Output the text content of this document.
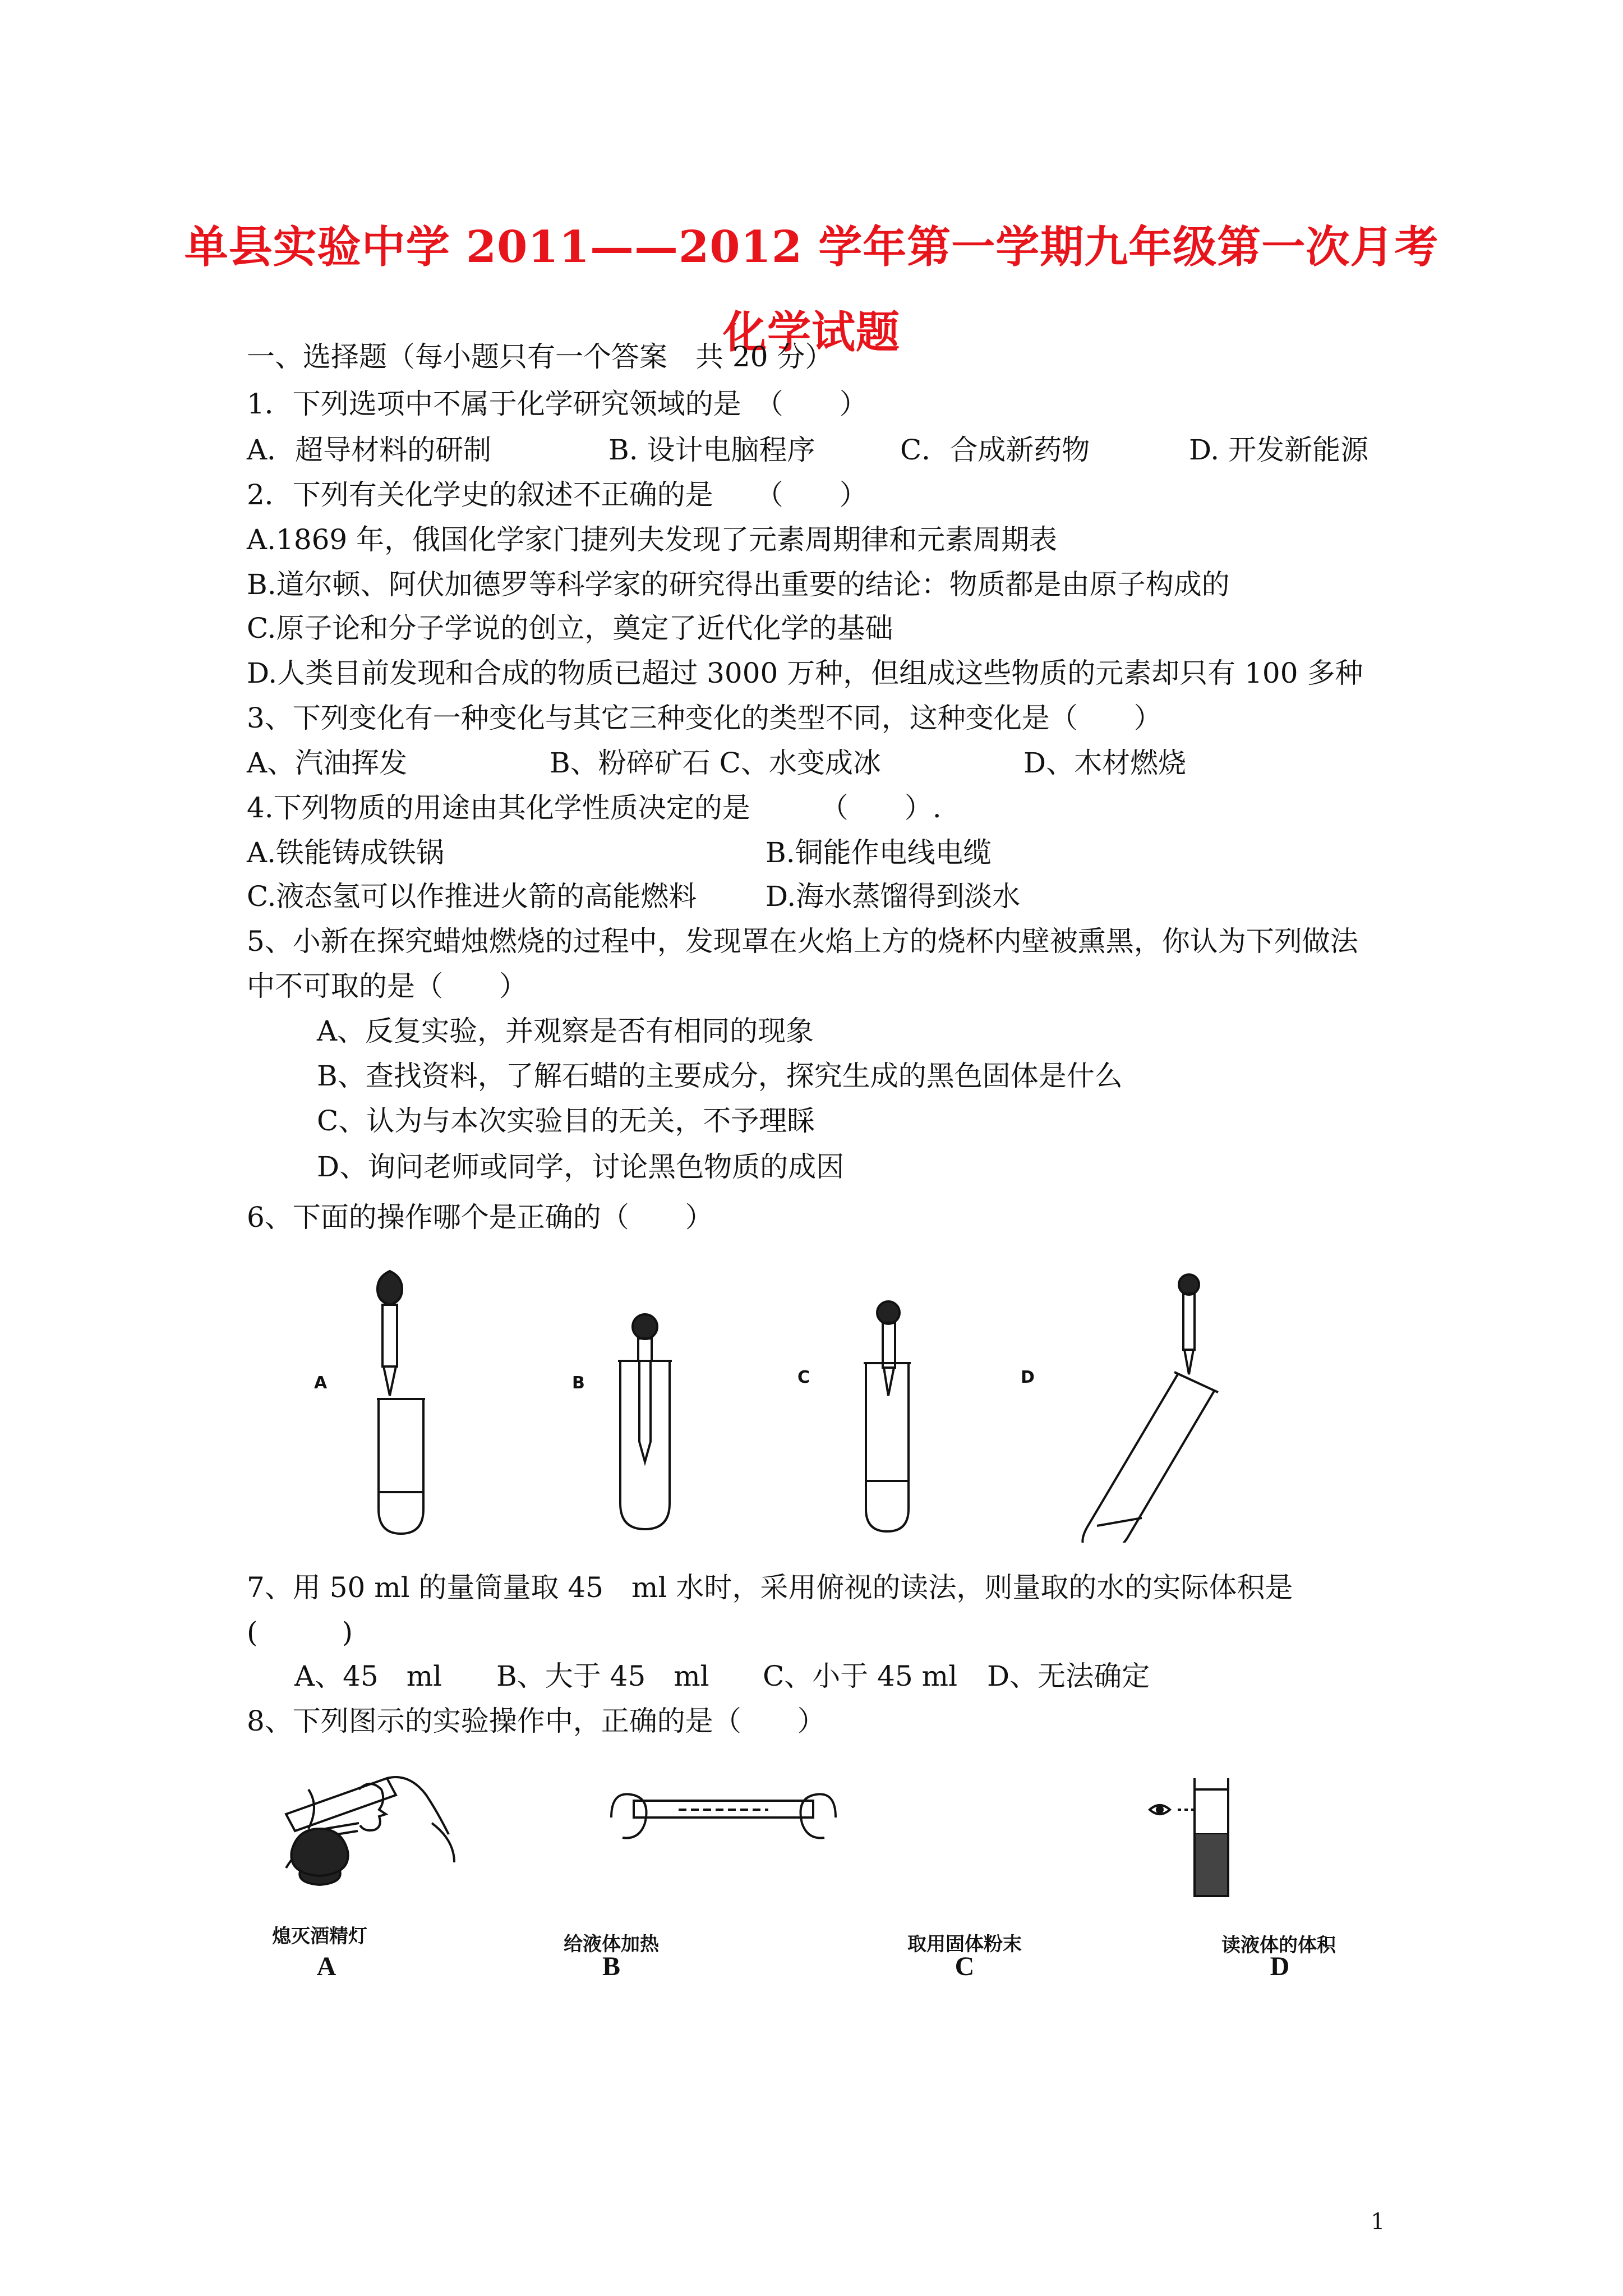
单县实验中学 2011——2012 学年第一学期九年级第一次月考
化学试题
一、选择题（每小题只有一个答案　共 20 分）
1．下列选项中不属于化学研究领域的是　（　　）
A．超导材料的研制	B. 设计电脑程序	C．合成新药物	D. 开发新能源
2．下列有关化学史的叙述不正确的是　　（　　）
A.1869 年，俄国化学家门捷列夫发现了元素周期律和元素周期表
B.道尔顿、阿伏加德罗等科学家的研究得出重要的结论：物质都是由原子构成的
C.原子论和分子学说的创立，奠定了近代化学的基础
D.人类目前发现和合成的物质已超过 3000 万种，但组成这些物质的元素却只有 100 多种
3、下列变化有一种变化与其它三种变化的类型不同，这种变化是（　　）
A、汽油挥发	B、粉碎矿石 C、水变成冰	D、木材燃烧
4.下列物质的用途由其化学性质决定的是　　　（　　）.
A.铁能铸成铁锅	B.铜能作电线电缆
C.液态氢可以作推进火箭的高能燃料 D.海水蒸馏得到淡水
5、小新在探究蜡烛燃烧的过程中，发现罩在火焰上方的烧杯内壁被熏黑，你认为下列做法
中不可取的是（　　）
A、反复实验，并观察是否有相同的现象
B、查找资料，了解石蜡的主要成分，探究生成的黑色固体是什么
C、认为与本次实验目的无关，不予理睬
D、询问老师或同学，讨论黑色物质的成因
6、下面的操作哪个是正确的（　　）
A	B	C	D
7、用 50 ml 的量筒量取 45　ml 水时，采用俯视的读法，则量取的水的实际体积是
(　　　)
A、45　ml B、大于 45　ml C、小于 45 ml D、无法确定
8、下列图示的实验操作中，正确的是（　　）
熄灭酒精灯	给液体加热	取用固体粉末	读液体的体积
A	B	C	D
1
